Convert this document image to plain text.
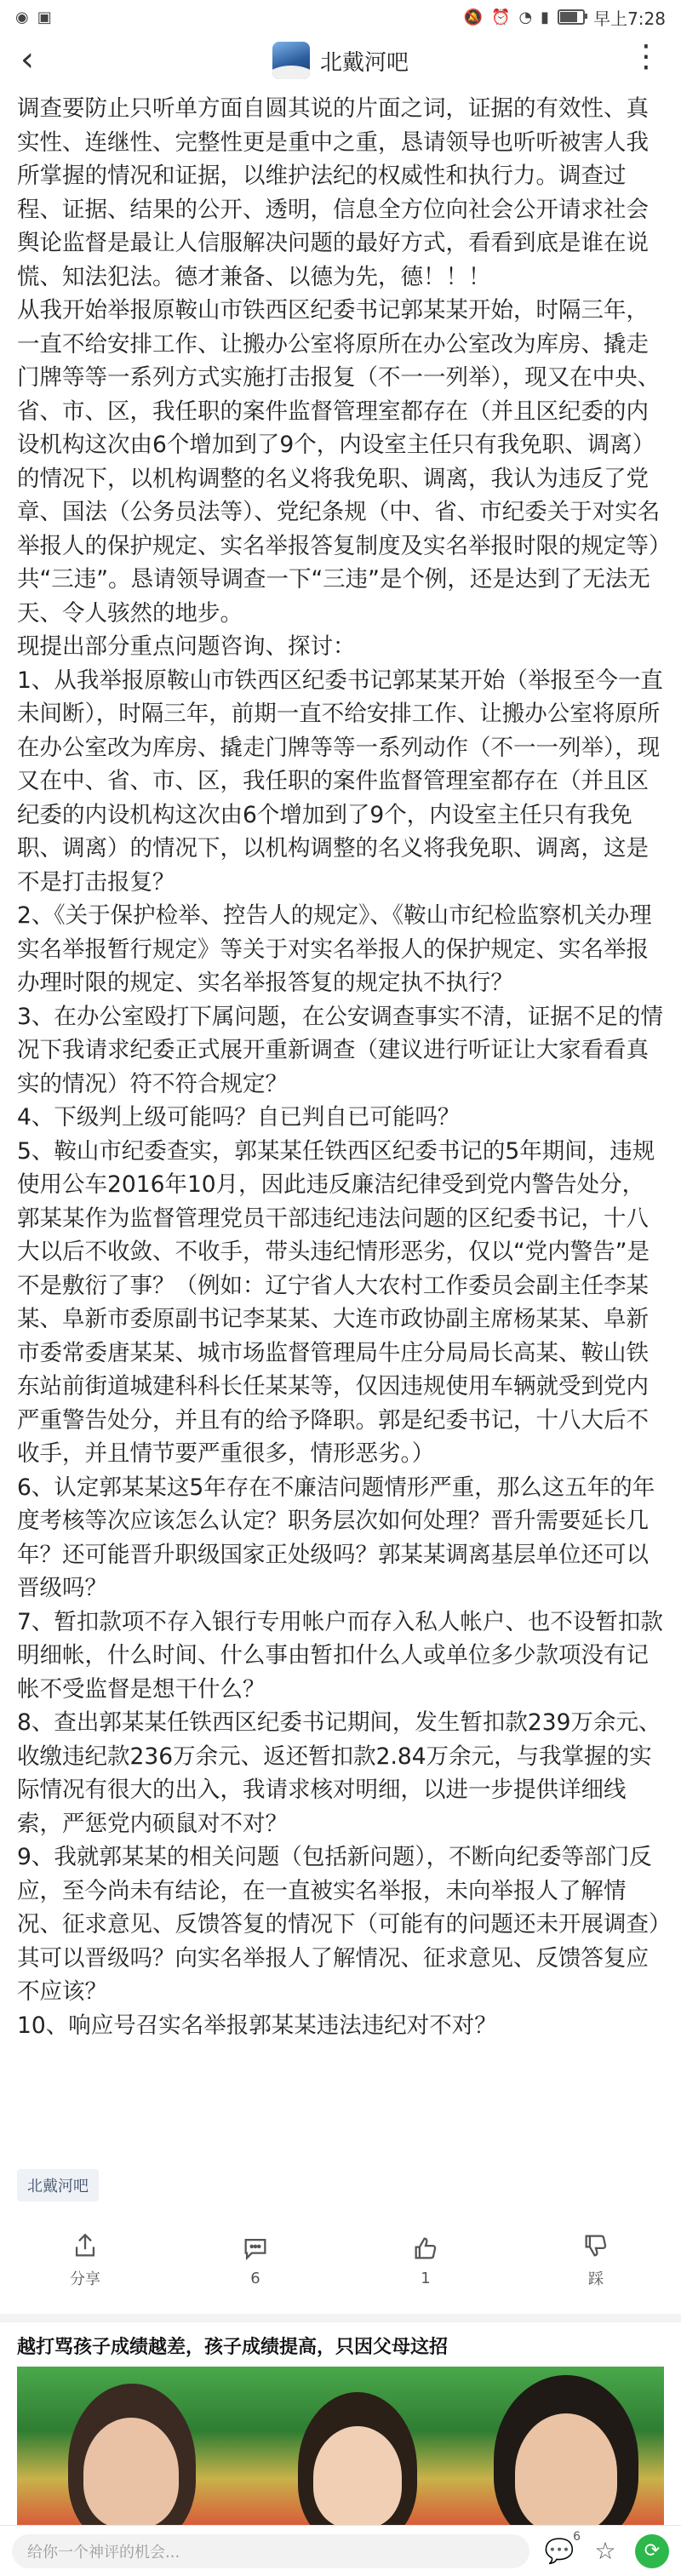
◉ ▣	🔕 ⏰ ◔ ▮	早上7:28
‹	北戴河吧	⋮

调查要防止只听单方面自圆其说的片面之词，证据的有效性、真实性、连继性、完整性更是重中之重，恳请领导也听听被害人我所掌握的情况和证据，以维护法纪的权威性和执行力。调查过程、证据、结果的公开、透明，信息全方位向社会公开请求社会舆论监督是最让人信服解决问题的最好方式，看看到底是谁在说慌、知法犯法。德才兼备、以德为先，德！！！

从我开始举报原鞍山市铁西区纪委书记郭某某开始，时隔三年，一直不给安排工作、让搬办公室将原所在办公室改为库房、撬走门牌等等一系列方式实施打击报复（不一一列举），现又在中央、省、市、区，我任职的案件监督管理室都存在（并且区纪委的内设机构这次由6个增加到了9个，内设室主任只有我免职、调离）的情况下，以机构调整的名义将我免职、调离，我认为违反了党章、国法（公务员法等）、党纪条规（中、省、市纪委关于对实名举报人的保护规定、实名举报答复制度及实名举报时限的规定等）共“三违”。恳请领导调查一下“三违”是个例，还是达到了无法无天、令人骇然的地步。

现提出部分重点问题咨询、探讨：

1、从我举报原鞍山市铁西区纪委书记郭某某开始（举报至今一直未间断），时隔三年，前期一直不给安排工作、让搬办公室将原所在办公室改为库房、撬走门牌等等一系列动作（不一一列举），现又在中、省、市、区，我任职的案件监督管理室都存在（并且区纪委的内设机构这次由6个增加到了9个，内设室主任只有我免职、调离）的情况下，以机构调整的名义将我免职、调离，这是不是打击报复？

2、《关于保护检举、控告人的规定》、《鞍山市纪检监察机关办理实名举报暂行规定》等关于对实名举报人的保护规定、实名举报办理时限的规定、实名举报答复的规定执不执行？

3、在办公室殴打下属问题，在公安调查事实不清，证据不足的情况下我请求纪委正式展开重新调查（建议进行听证让大家看看真实的情况）符不符合规定？

4、下级判上级可能吗？自已判自已可能吗？

5、鞍山市纪委查实，郭某某任铁西区纪委书记的5年期间，违规使用公车2016年10月，因此违反廉洁纪律受到党内警告处分，郭某某作为监督管理党员干部违纪违法问题的区纪委书记，十八大以后不收敛、不收手，带头违纪情形恶劣，仅以“党内警告”是不是敷衍了事？（例如：辽宁省人大农村工作委员会副主任李某某、阜新市委原副书记李某某、大连市政协副主席杨某某、阜新市委常委唐某某、城市场监督管理局牛庄分局局长高某、鞍山铁东站前街道城建科科长任某某等，仅因违规使用车辆就受到党内严重警告处分，并且有的给予降职。郭是纪委书记，十八大后不收手，并且情节要严重很多，情形恶劣。）

6、认定郭某某这5年存在不廉洁问题情形严重，那么这五年的年度考核等次应该怎么认定？职务层次如何处理？晋升需要延长几年？还可能晋升职级国家正处级吗？郭某某调离基层单位还可以晋级吗？

7、暂扣款项不存入银行专用帐户而存入私人帐户、也不设暂扣款明细帐，什么时间、什么事由暂扣什么人或单位多少款项没有记帐不受监督是想干什么？

8、查出郭某某任铁西区纪委书记期间，发生暂扣款239万余元、收缴违纪款236万余元、返还暂扣款2.84万余元，与我掌握的实际情况有很大的出入，我请求核对明细，以进一步提供详细线索，严惩党内硕鼠对不对？

9、我就郭某某的相关问题（包括新问题），不断向纪委等部门反应，至今尚未有结论，在一直被实名举报，未向举报人了解情况、征求意见、反馈答复的情况下（可能有的问题还未开展调查）其可以晋级吗？向实名举报人了解情况、征求意见、反馈答复应不应该？

10、响应号召实名举报郭某某违法违纪对不对？

北戴河吧
分享	6	1	踩
越打骂孩子成绩越差，孩子成绩提高，只因父母这招
给你一个神评的机会...	💬
6
☆	⟳
